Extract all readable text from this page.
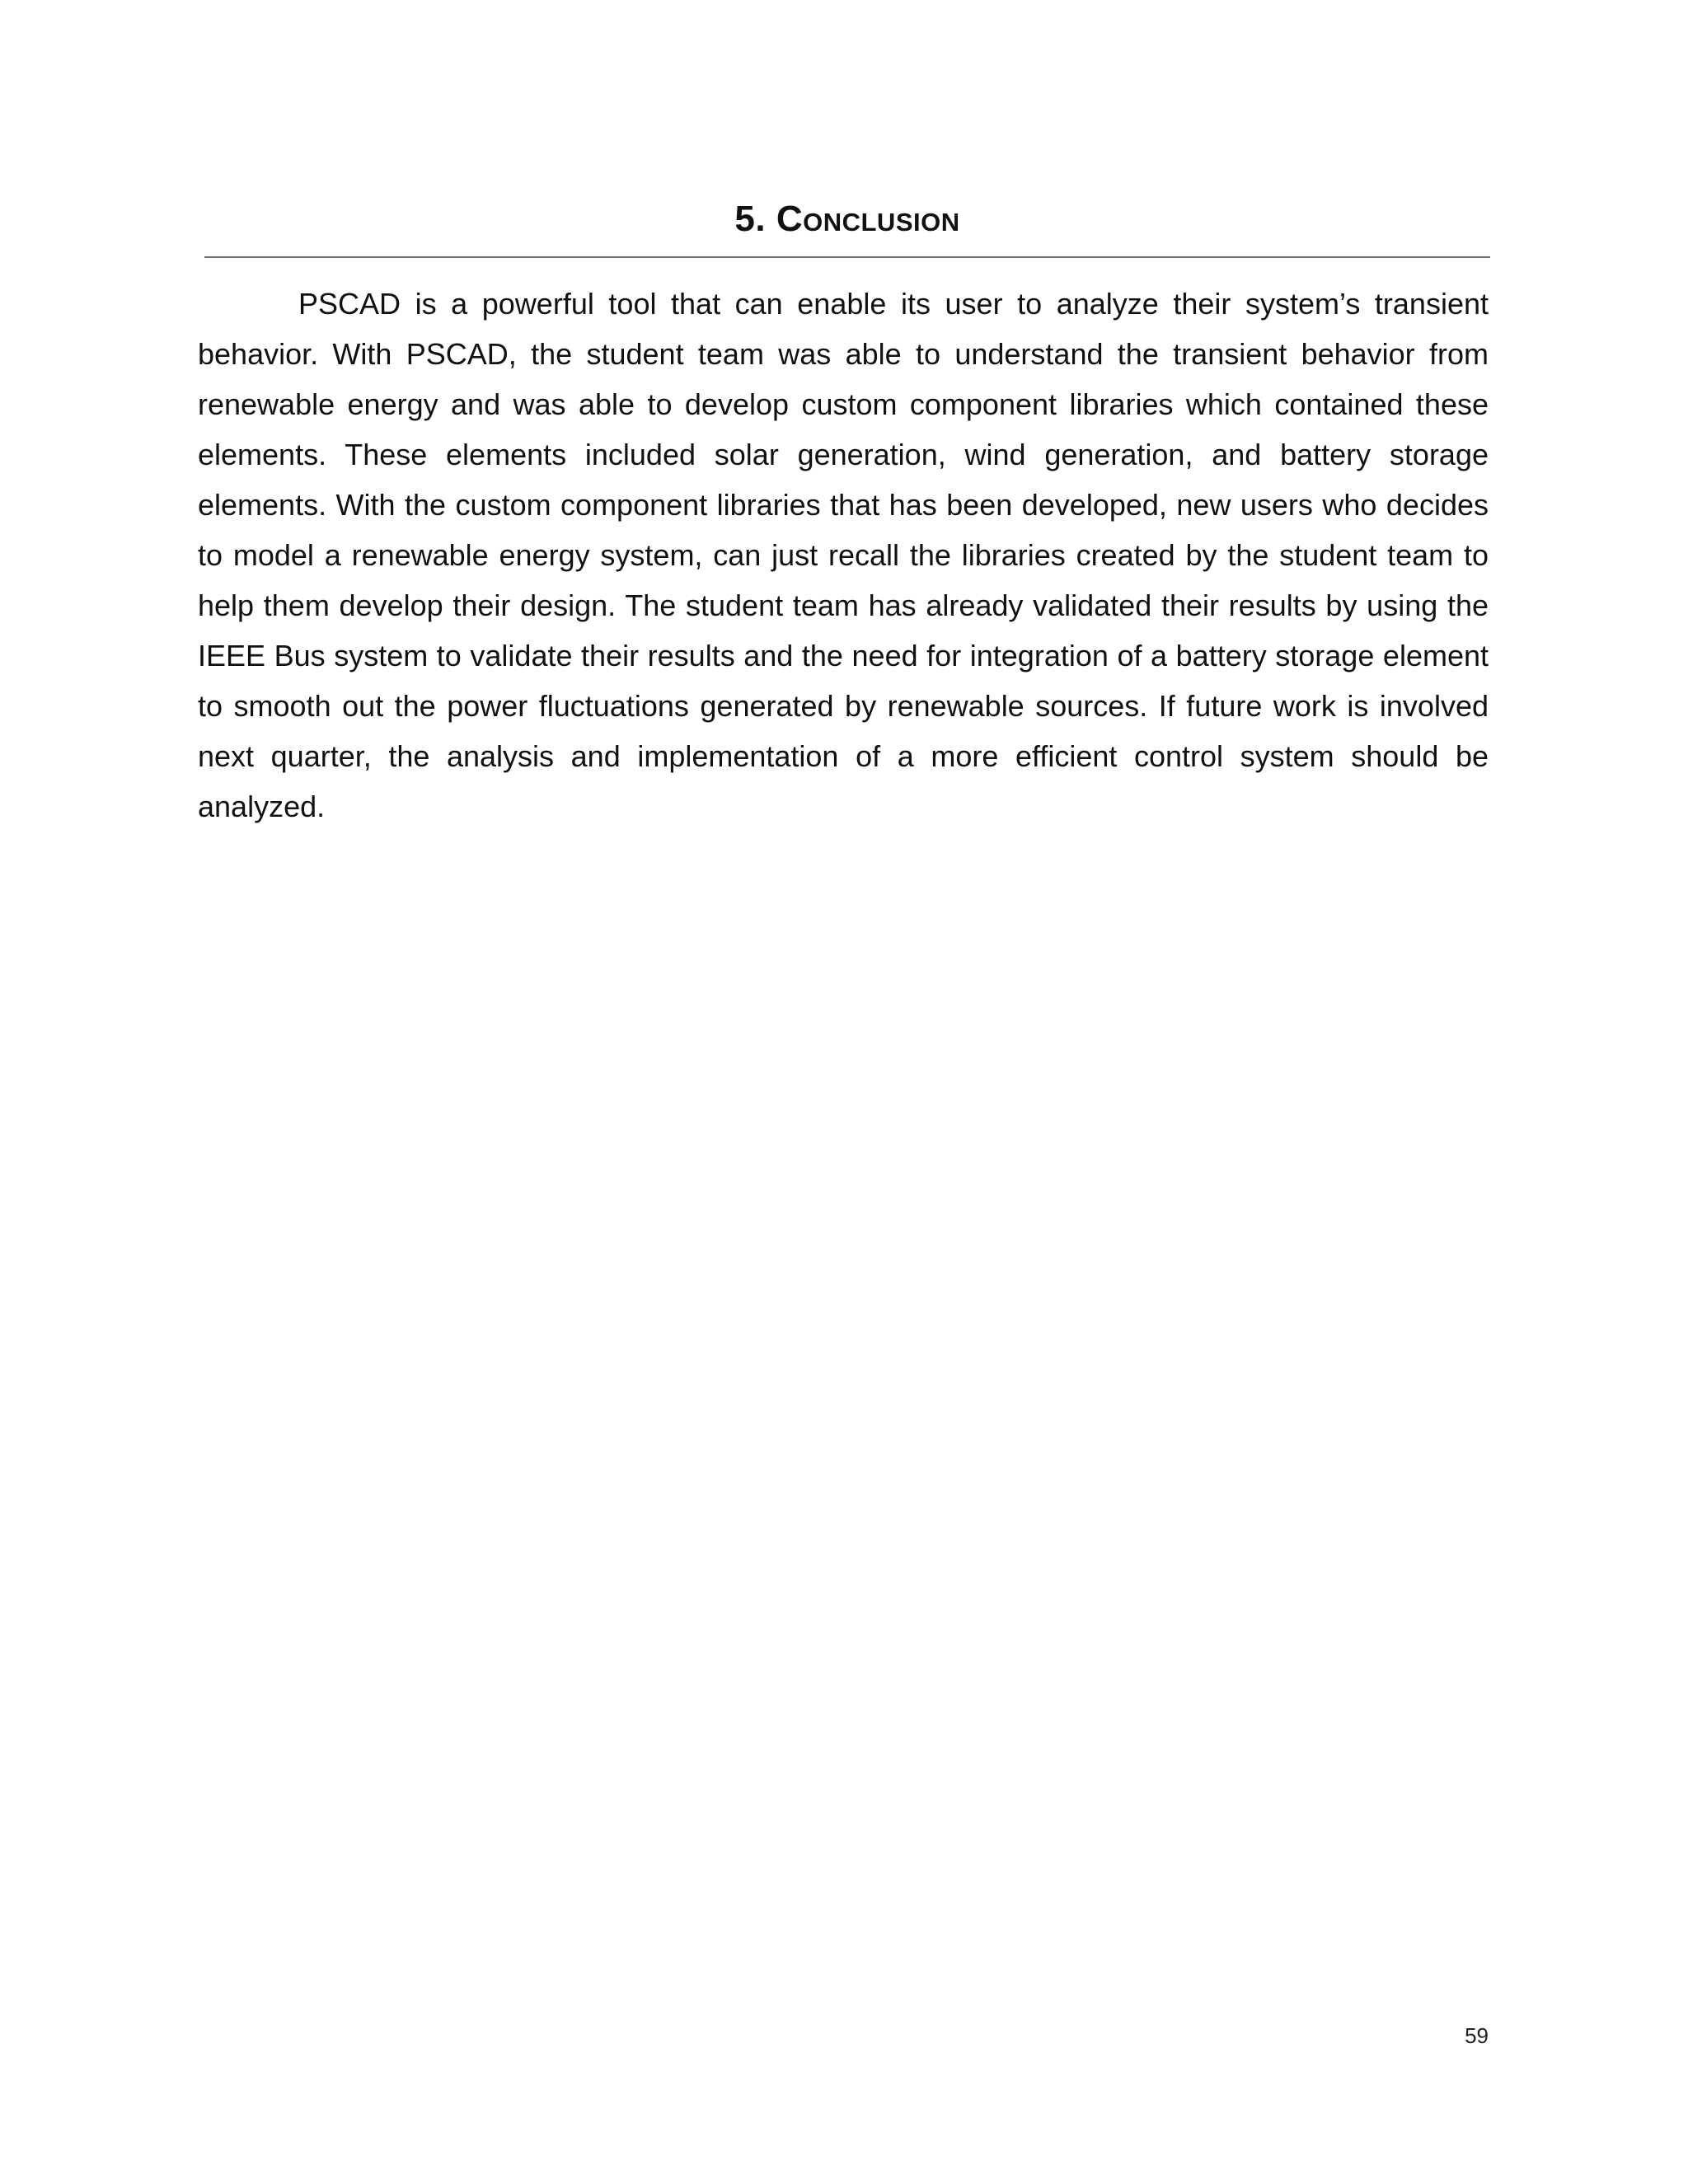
5. Conclusion

PSCAD is a powerful tool that can enable its user to analyze their system’s transient behavior. With PSCAD, the student team was able to understand the transient behavior from renewable energy and was able to develop custom component libraries which contained these elements. These elements included solar generation, wind generation, and battery storage elements. With the custom component libraries that has been developed, new users who decides to model a renewable energy system, can just recall the libraries created by the student team to help them develop their design. The student team has already validated their results by using the IEEE Bus system to validate their results and the need for integration of a battery storage element to smooth out the power fluctuations generated by renewable sources. If future work is involved next quarter, the analysis and implementation of a more efficient control system should be analyzed.

59
